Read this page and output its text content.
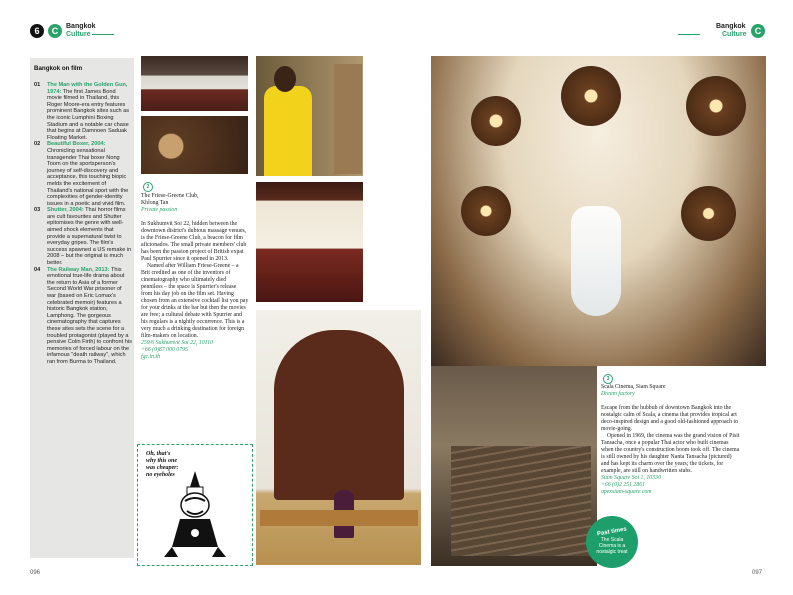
6	C	Bangkok
Culture
Bangkok
Culture C
Bangkok on film

01 The Man with the Golden Gun, 1974: The first James Bond movie filmed in Thailand, this Roger Moore-era entry features prominent Bangkok sites such as the iconic Lumphini Boxing Stadium and a notable car chase that begins at Damnoen Saduak Floating Market.

02 Beautiful Boxer, 2004: Chronicling sensational transgender Thai boxer Nong Toom on the sportsperson's journey of self-discovery and acceptance, this touching biopic melds the excitement of Thailand's national sport with the complexities of gender-identity issues in a poetic and vivid film.

03 Shutter, 2004: Thai horror films are cult favourites and Shutter epitomises the genre with well-aimed shock elements that provide a supernatural twist to everyday gripes. The film's success spawned a US remake in 2008 – but the original is much better.

04 The Railway Man, 2013: This emotional true-life drama about the return to Asia of a former Second World War prisoner of war (based on Eric Lomax's celebrated memoir) features a historic Bangkok station, Lamphong. The gorgeous cinematography that captures these sites sets the scene for a troubled protagonist (played by a pensive Colin Firth) to confront his memories of forced labour on the infamous "death railway", which ran from Burma to Thailand.

2
The Friese-Greene Club,
Khlong Tan
Private passion

In Sukhumvit Soi 22, hidden between the downtown district's dubious massage venues, is the Friese-Greene Club, a beacon for film aficionados. The small private members' club has been the passion project of British expat Paul Spurrier since it opened in 2013.

Named after William Friese-Greene – a Brit credited as one of the inventors of cinematography who ultimately died penniless – the space is Spurrier's release from his day job on the film set. Having chosen from an extensive cocktail list you pay for your drinks at the bar but then the movies are free; a cultural debate with Spurrier and his regulars is a nightly occurrence. This is a very much a drinking destination for foreign film-makers on location.

259/6 Sukhumvit Soi 22, 10110
+66 (0)87 000 0795
fgc.in.th
Oh, that's
why this one
was cheaper:
no eyeholes
3
Scala Cinema, Siam Square
Dream factory

Escape from the hubbub of downtown Bangkok into the nostalgic calm of Scala, a cinema that provides tropical art deco-inspired design and a good old-fashioned approach to movie-going.

Opened in 1969, the cinema was the grand vision of Pisit Tansacha, once a popular Thai actor who built cinemas when the country's construction boom took off. The cinema is still owned by his daughter Nanta Tansacha (pictured) and has kept its charm over the years; the tickets, for example, are still on handwritten stubs.

Siam Square Soi 1, 10330
+66 (0)2 251 2861
apexsiam-square.com
Past times
The Scala Cinema is a nostalgic treat
096	097
